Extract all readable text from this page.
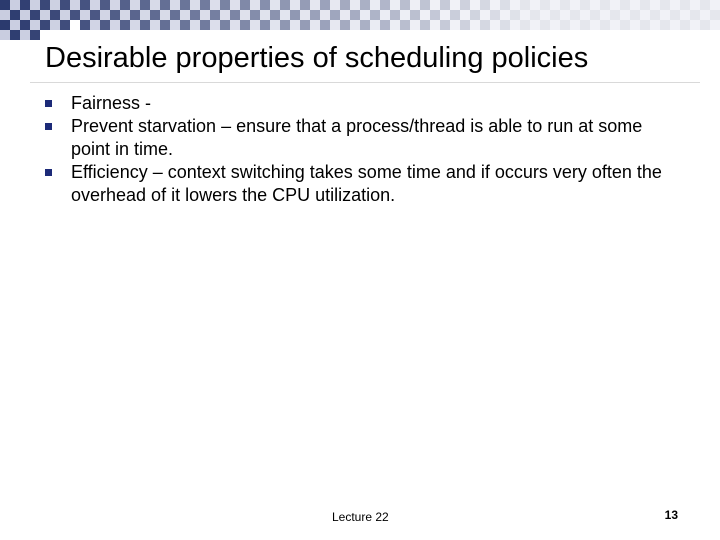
Desirable properties of scheduling policies
Fairness -
Prevent starvation – ensure that a process/thread is able to run at some point in time.
Efficiency – context switching takes some time and if occurs very often the overhead of it lowers the CPU utilization.
Lecture 22	13
